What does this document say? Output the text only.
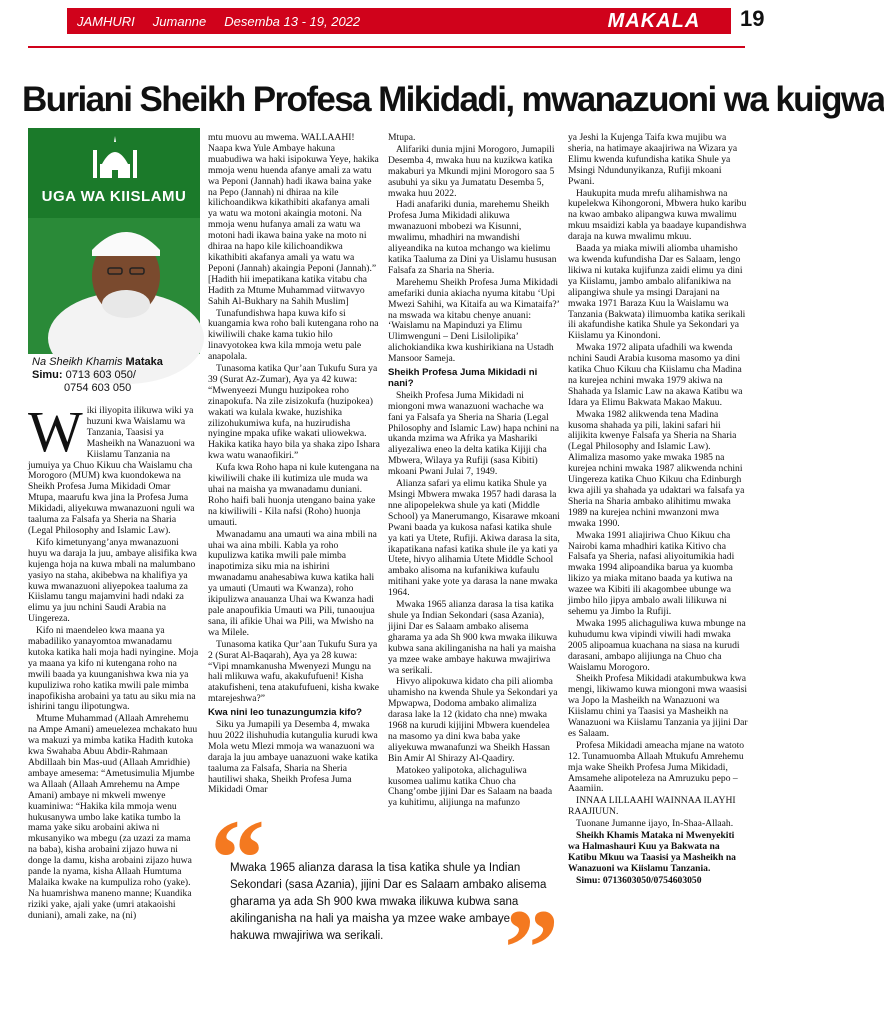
JAMHURI Jumanne Desemba 13 - 19, 2022	MAKALA	19
Buriani Sheikh Profesa Mikidadi, mwanazuoni wa kuigwa
UGA WA KIISLAMU
Na Sheikh Khamis Mataka
Simu: 0713 603 050/
0754 603 050

Wiki iliyopita ilikuwa wiki ya huzuni kwa Waislamu wa Tanzania, Taasisi ya Masheikh na Wanazuoni wa Kiislamu Tanzania na jumuiya ya Chuo Kikuu cha Waislamu cha Morogoro (MUM) kwa kuondokewa na Sheikh Profesa Juma Mikidadi Omar Mtupa, maarufu kwa jina la Profesa Juma Mikidadi, aliyekuwa mwanazuoni nguli wa taaluma za Falsafa ya Sheria na Sharia (Legal Philosophy and Islamic Law).

Kifo kimetunyang’anya mwanazuoni huyu wa daraja la juu, ambaye alisifika kwa kujenga hoja na kuwa mbali na malumbano yasiyo na staha, akibebwa na khalifiya ya kuwa mwanazuoni aliyepokea taaluma za Kiislamu tangu majamvini hadi ndaki za elimu ya juu nchini Saudi Arabia na Uingereza.

Kifo ni maendeleo kwa maana ya mabadiliko yanayomtoa mwanadamu kutoka katika hali moja hadi nyingine. Moja ya maana ya kifo ni kutengana roho na mwili baada ya kuunganishwa kwa nia ya kupuliziwa roho katika mwili pale mimba inapofikisha arobaini ya tatu au siku mia na ishirini tangu ilipotungwa.

Mtume Muhammad (Allaah Amrehemu na Ampe Amani) ameuelezea mchakato huu wa makuzi ya mimba katika Hadith kutoka kwa Swahaba Abuu Abdir-Rahmaan Abdillaah bin Mas-uud (Allaah Amridhie) ambaye amesema: “Ametusimulia Mjumbe wa Allaah (Allaah Amrehemu na Ampe Amani) ambaye ni mkweli mwenye kuaminiwa: “Hakika kila mmoja wenu hukusanywa umbo lake katika tumbo la mama yake siku arobaini akiwa ni mkusanyiko wa mbegu (za uzazi za mama na baba), kisha arobaini zijazo huwa ni donge la damu, kisha arobaini zijazo huwa pande la nyama, kisha Allaah Humtuma Malaika kwake na kumpuliza roho (yake). Na huamrishwa maneno manne; Kuandika riziki yake, ajali yake (umri atakaoishi duniani), amali zake, na (ni)

mtu muovu au mwema. WALLAAHI! Naapa kwa Yule Ambaye hakuna muabudiwa wa haki isipokuwa Yeye, hakika mmoja wenu huenda afanye amali za watu wa Peponi (Jannah) hadi ikawa baina yake na Pepo (Jannah) ni dhiraa na kile kilichoandikwa kikathibiti akafanya amali ya watu wa motoni akaingia motoni. Na mmoja wenu hufanya amali za watu wa motoni hadi ikawa baina yake na moto ni dhiraa na hapo kile kilichoandikwa kikathibiti akafanya amali ya watu wa Peponi (Jannah) akaingia Peponi (Jannah).” [Hadith hii imepatikana katika vitabu cha Hadith za Mtume Muhammad viitwavyo Sahih Al-Bukhary na Sahih Muslim]

Tunafundishwa hapa kuwa kifo si kuangamia kwa roho bali kutengana roho na kiwiliwili chake kama tukio hilo linavyotokea kwa kila mmoja wetu pale anapolala.

Tunasoma katika Qur’aan Tukufu Sura ya 39 (Surat Az-Zumar), Aya ya 42 kuwa: “Mwenyeezi Mungu huzipokea roho zinapokufa. Na zile zisizokufa (huzipokea) wakati wa kulala kwake, huzishika zilizohukumiwa kufa, na huzirudisha nyingine mpaka ufike wakati uliowekwa. Hakika katika hayo bila ya shaka zipo Ishara kwa watu wanaofikiri.”

Kufa kwa Roho hapa ni kule kutengana na kiwiliwili chake ili kutimiza ule muda wa uhai na maisha ya mwanadamu duniani. Roho haifi bali huonja utengano baina yake na kiwiliwili - Kila nafsi (Roho) huonja umauti.

Mwanadamu ana umauti wa aina mbili na uhai wa aina mbili. Kabla ya roho kupulizwa katika mwili pale mimba inapotimiza siku mia na ishirini mwanadamu anahesabiwa kuwa katika hali ya umauti (Umauti wa Kwanza), roho ikipulizwa anauanza Uhai wa Kwanza hadi pale anapoufikia Umauti wa Pili, tunaoujua sana, ili afikie Uhai wa Pili, wa Mwisho na wa Milele.

Tunasoma katika Qur’aan Tukufu Sura ya 2 (Surat Al-Baqarah), Aya ya 28 kuwa: “Vipi mnamkanusha Mwenyezi Mungu na hali mlikuwa wafu, akakufufueni! Kisha atakufisheni, tena atakufufueni, kisha kwake mtarejeshwa?”

Kwa nini leo tunazungumzia kifo?

Siku ya Jumapili ya Desemba 4, mwaka huu 2022 ilishuhudia kutangulia kurudi kwa Mola wetu Mlezi mmoja wa wanazuoni wa daraja la juu ambaye uanazuoni wake katika taaluma za Falsafa, Sharia na Sheria hautiliwi shaka, Sheikh Profesa Juma Mikidadi Omar

Mtupa.

Alifariki dunia mjini Morogoro, Jumapili Desemba 4, mwaka huu na kuzikwa katika makaburi ya Mkundi mjini Morogoro saa 5 asubuhi ya siku ya Jumatatu Desemba 5, mwaka huu 2022.

Hadi anafariki dunia, marehemu Sheikh Profesa Juma Mikidadi alikuwa mwanazuoni mbobezi wa Kisunni, mwalimu, mhadhiri na mwandishi aliyeandika na kutoa mchango wa kielimu katika Taaluma za Dini ya Uislamu hususan Falsafa za Sharia na Sheria.

Marehemu Sheikh Profesa Juma Mikidadi amefariki dunia akiacha nyuma kitabu ‘Upi Mwezi Sahihi, wa Kitaifa au wa Kimataifa?’ na mswada wa kitabu chenye anuani: ‘Waislamu na Mapinduzi ya Elimu Ulimwenguni – Deni Lisilolipika’ alichokiandika kwa kushirikiana na Ustadh Mansoor Sameja.

Sheikh Profesa Juma Mikidadi ni nani?

Sheikh Profesa Juma Mikidadi ni miongoni mwa wanazuoni wachache wa fani ya Falsafa ya Sheria na Sharia (Legal Philosophy and Islamic Law) hapa nchini na ukanda mzima wa Afrika ya Mashariki aliyezaliwa eneo la delta katika Kijiji cha Mbwera, Wilaya ya Rufiji (sasa Kibiti) mkoani Pwani Julai 7, 1949.

Alianza safari ya elimu katika Shule ya Msingi Mbwera mwaka 1957 hadi darasa la nne alipopelekwa shule ya kati (Middle School) ya Manerumango, Kisarawe mkoani Pwani baada ya kukosa nafasi katika shule ya kati ya Utete, Rufiji. Akiwa darasa la sita, ikapatikana nafasi katika shule ile ya kati ya Utete, hivyo alihamia Utete Middle School ambako alisoma na kufanikiwa kufaulu mitihani yake yote ya darasa la nane mwaka 1964.

Mwaka 1965 alianza darasa la tisa katika shule ya Indian Sekondari (sasa Azania), jijini Dar es Salaam ambako alisema gharama ya ada Sh 900 kwa mwaka ilikuwa kubwa sana akilinganisha na hali ya maisha ya mzee wake ambaye hakuwa mwajiriwa wa serikali.

Hivyo alipokuwa kidato cha pili aliomba uhamisho na kwenda Shule ya Sekondari ya Mpwapwa, Dodoma ambako alimaliza darasa lake la 12 (kidato cha nne) mwaka 1968 na kurudi kijijini Mbwera kuendelea na masomo ya dini kwa baba yake aliyekuwa mwanafunzi wa Sheikh Hassan Bin Amir Al Shirazy Al-Qaadiry.

Matokeo yalipotoka, alichaguliwa kusomea ualimu katika Chuo cha Chang’ombe jijini Dar es Salaam na baada ya kuhitimu, alijiunga na mafunzo

ya Jeshi la Kujenga Taifa kwa mujibu wa sheria, na hatimaye akaajiriwa na Wizara ya Elimu kwenda kufundisha katika Shule ya Msingi Ndundunyikanza, Rufiji mkoani Pwani.

Haukupita muda mrefu alihamishwa na kupelekwa Kihongoroni, Mbwera huko karibu na kwao ambako alipangwa kuwa mwalimu mkuu msaidizi kabla ya baadaye kupandishwa daraja na kuwa mwalimu mkuu.

Baada ya miaka miwili aliomba uhamisho wa kwenda kufundisha Dar es Salaam, lengo likiwa ni kutaka kujifunza zaidi elimu ya dini ya Kiislamu, jambo ambalo alifanikiwa na alipangiwa shule ya msingi Darajani na mwaka 1971 Baraza Kuu la Waislamu wa Tanzania (Bakwata) ilimuomba katika serikali ili akafundishe katika Shule ya Sekondari ya Kiislamu ya Kinondoni.

Mwaka 1972 alipata ufadhili wa kwenda nchini Saudi Arabia kusoma masomo ya dini katika Chuo Kikuu cha Kiislamu cha Madina na kurejea nchini mwaka 1979 akiwa na Shahada ya Islamic Law na akawa Katibu wa Idara ya Elimu Bakwata Makao Makuu.

Mwaka 1982 alikwenda tena Madina kusoma shahada ya pili, lakini safari hii alijikita kwenye Falsafa ya Sheria na Sharia (Legal Philosophy and Islamic Law). Alimaliza masomo yake mwaka 1985 na kurejea nchini mwaka 1987 alikwenda nchini Uingereza katika Chuo Kikuu cha Edinburgh kwa ajili ya shahada ya udaktari wa falsafa ya Sheria na Sharia ambako alihitimu mwaka 1989 na kurejea nchini mwanzoni mwa mwaka 1990.

Mwaka 1991 aliajiriwa Chuo Kikuu cha Nairobi kama mhadhiri katika Kitivo cha Falsafa ya Sheria, nafasi aliyoitumikia hadi mwaka 1994 alipoandika barua ya kuomba likizo ya miaka mitano baada ya kutiwa na wazee wa Kibiti ili akagombee ubunge wa jimbo hilo jipya ambalo awali lilikuwa ni sehemu ya Jimbo la Rufiji.

Mwaka 1995 alichaguliwa kuwa mbunge na kuhudumu kwa vipindi viwili hadi mwaka 2005 alipoamua kuachana na siasa na kurudi darasani, ambapo alijiunga na Chuo cha Waislamu Morogoro.

Sheikh Profesa Mikidadi atakumbukwa kwa mengi, likiwamo kuwa miongoni mwa waasisi wa Jopo la Masheikh na Wanazuoni wa Kiislamu chini ya Taasisi ya Masheikh na Wanazuoni wa Kiislamu Tanzania ya jijini Dar es Salaam.

Profesa Mikidadi ameacha mjane na watoto 12. Tunamuomba Allaah Mtukufu Amrehemu mja wake Sheikh Profesa Juma Mikidadi, Amsamehe alipoteleza na Amruzuku pepo – Aaamiin.

INNAA LILLAAHI WAINNAA ILAYHI RAAJIUUN.

Tuonane Jumanne ijayo, In-Shaa-Allaah.

Sheikh Khamis Mataka ni Mwenyekiti wa Halmashauri Kuu ya Bakwata na Katibu Mkuu wa Taasisi ya Masheikh na Wanazuoni wa Kiislamu Tanzania.

Simu: 0713603050/0754603050

“
Mwaka 1965 alianza darasa la tisa katika shule ya Indian Sekondari (sasa Azania), jijini Dar es Salaam ambako alisema gharama ya ada Sh 900 kwa mwaka ilikuwa kubwa sana akilinganisha na hali ya maisha ya mzee wake ambaye hakuwa mwajiriwa wa serikali.	”
